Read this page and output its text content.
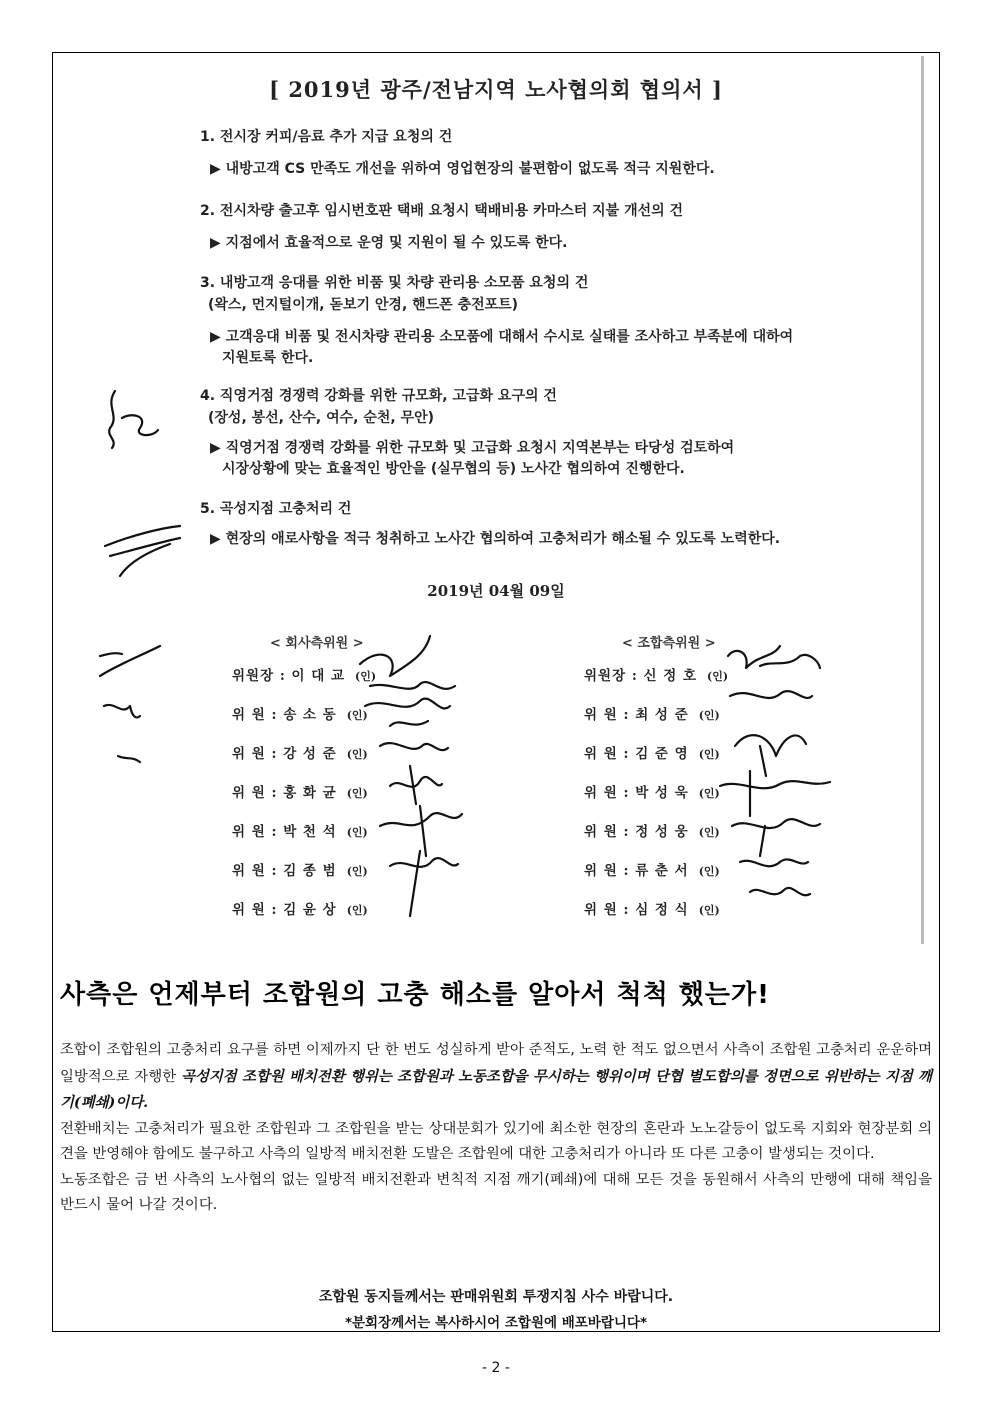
[ 2019년 광주/전남지역 노사협의회 협의서 ]
1. 전시장 커피/음료 추가 지급 요청의 건
▶ 내방고객 CS 만족도 개선을 위하여 영업현장의 불편함이 없도록 적극 지원한다.
2. 전시차량 출고후 임시번호판 택배 요청시 택배비용 카마스터 지불 개선의 건
▶ 지점에서 효율적으로 운영 및 지원이 될 수 있도록 한다.
3. 내방고객 응대를 위한 비품 및 차량 관리용 소모품 요청의 건
(왁스, 먼지털이개, 돋보기 안경, 핸드폰 충전포트)
▶ 고객응대 비품 및 전시차량 관리용 소모품에 대해서 수시로 실태를 조사하고 부족분에 대하여
지원토록 한다.
4. 직영거점 경쟁력 강화를 위한 규모화, 고급화 요구의 건
(장성, 봉선, 산수, 여수, 순천, 무안)
▶ 직영거점 경쟁력 강화를 위한 규모화 및 고급화 요청시 지역본부는 타당성 검토하여
시장상황에 맞는 효율적인 방안을 (실무협의 등) 노사간 협의하여 진행한다.
5. 곡성지점 고충처리 건
▶ 현장의 애로사항을 적극 청취하고 노사간 협의하여 고충처리가 해소될 수 있도록 노력한다.
2019년 04월 09일
< 회사측위원 >	< 조합측위원 >
위원장 : 이 대 교 (인)
위 원 : 송 소 동 (인)
위 원 : 강 성 준 (인)
위 원 : 홍 화 균 (인)
위 원 : 박 천 석 (인)
위 원 : 김 종 범 (인)
위 원 : 김 윤 상 (인)
위원장 : 신 정 호 (인)
위 원 : 최 성 준 (인)
위 원 : 김 준 영 (인)
위 원 : 박 성 욱 (인)
위 원 : 정 성 웅 (인)
위 원 : 류 춘 서 (인)
위 원 : 심 정 식 (인)
사측은 언제부터 조합원의 고충 해소를 알아서 척척 했는가!

조합이 조합원의 고충처리 요구를 하면 이제까지 단 한 번도 성실하게 받아 준적도, 노력 한 적도 없으면서 사측이 조합원 고충처리 운운하며 일방적으로 자행한 곡성지점 조합원 배치전환 행위는 조합원과 노동조합을 무시하는 행위이며 단협 별도합의를 정면으로 위반하는 지점 깨기(폐쇄)이다.

전환배치는 고충처리가 필요한 조합원과 그 조합원을 받는 상대분회가 있기에 최소한 현장의 혼란과 노노갈등이 없도록 지회와 현장분회 의견을 반영해야 함에도 불구하고 사측의 일방적 배치전환 도발은 조합원에 대한 고충처리가 아니라 또 다른 고충이 발생되는 것이다.

노동조합은 금 번 사측의 노사협의 없는 일방적 배치전환과 변칙적 지점 깨기(폐쇄)에 대해 모든 것을 동원해서 사측의 만행에 대해 책임을 반드시 물어 나갈 것이다.

조합원 동지들께서는 판매위원회 투쟁지침 사수 바랍니다.
*분회장께서는 복사하시어 조합원에 배포바랍니다*
- 2 -
